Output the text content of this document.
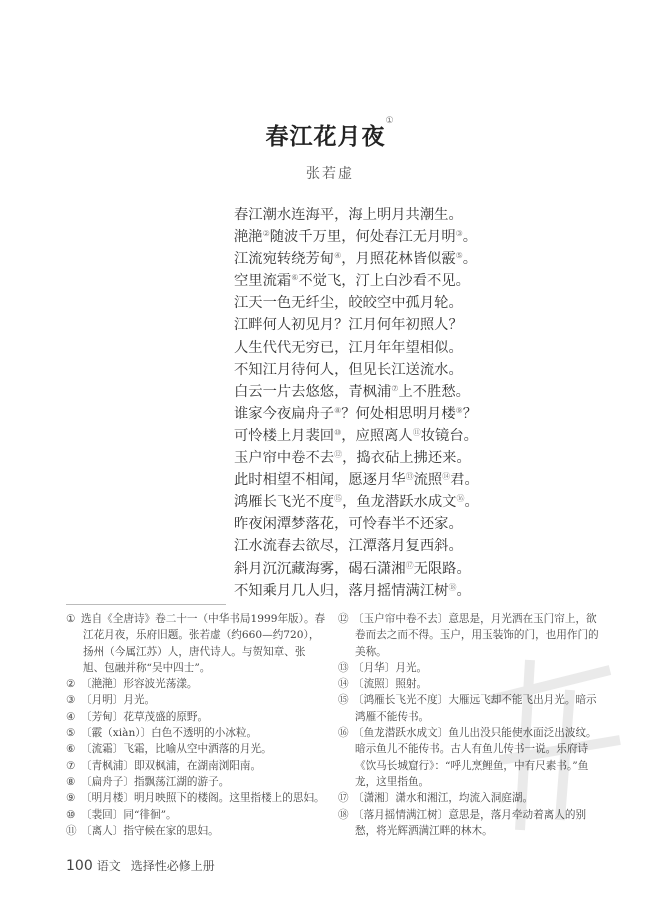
春江花月夜①
张若虚
春江潮水连海平，海上明月共潮生。
滟滟②随波千万里，何处春江无月明③。
江流宛转绕芳甸④，月照花林皆似霰⑤。
空里流霜⑥不觉飞，汀上白沙看不见。
江天一色无纤尘，皎皎空中孤月轮。
江畔何人初见月？江月何年初照人？
人生代代无穷已，江月年年望相似。
不知江月待何人，但见长江送流水。
白云一片去悠悠，青枫浦⑦上不胜愁。
谁家今夜扁舟子⑧？何处相思明月楼⑨？
可怜楼上月裴回⑩，应照离人⑪妆镜台。
玉户帘中卷不去⑫，捣衣砧上拂还来。
此时相望不相闻，愿逐月华⑬流照⑭君。
鸿雁长飞光不度⑮，鱼龙潜跃水成文⑯。
昨夜闲潭梦落花，可怜春半不还家。
江水流春去欲尽，江潭落月复西斜。
斜月沉沉藏海雾，碣石潇湘⑰无限路。
不知乘月几人归，落月摇情满江树⑱。
① 选自《全唐诗》卷二十一（中华书局1999年版）。春江花月夜，乐府旧题。张若虚（约660—约720），扬州（今属江苏）人，唐代诗人。与贺知章、张旭、包融并称“吴中四士”。
② 〔滟滟〕形容波光荡漾。
③ 〔月明〕月光。
④ 〔芳甸〕花草茂盛的原野。
⑤ 〔霰（xiàn）〕白色不透明的小冰粒。
⑥ 〔流霜〕飞霜，比喻从空中洒落的月光。
⑦ 〔青枫浦〕即双枫浦，在湖南浏阳南。
⑧ 〔扁舟子〕指飘荡江湖的游子。
⑨ 〔明月楼〕明月映照下的楼阁。这里指楼上的思妇。
⑩ 〔裴回〕同“徘徊”。
⑪ 〔离人〕指守候在家的思妇。
⑫ 〔玉户帘中卷不去〕意思是，月光洒在玉门帘上，欲卷而去之而不得。玉户，用玉装饰的门，也用作门的美称。
⑬ 〔月华〕月光。
⑭ 〔流照〕照射。
⑮ 〔鸿雁长飞光不度〕大雁远飞却不能飞出月光。暗示鸿雁不能传书。
⑯ 〔鱼龙潜跃水成文〕鱼儿出没只能使水面泛出波纹。暗示鱼儿不能传书。古人有鱼儿传书一说。乐府诗《饮马长城窟行》：“呼儿烹鲤鱼，中有尺素书。”鱼龙，这里指鱼。
⑰ 〔潇湘〕潇水和湘江，均流入洞庭湖。
⑱ 〔落月摇情满江树〕意思是，落月牵动着离人的别愁，将光辉洒满江畔的林木。
100 语文 选择性必修上册
